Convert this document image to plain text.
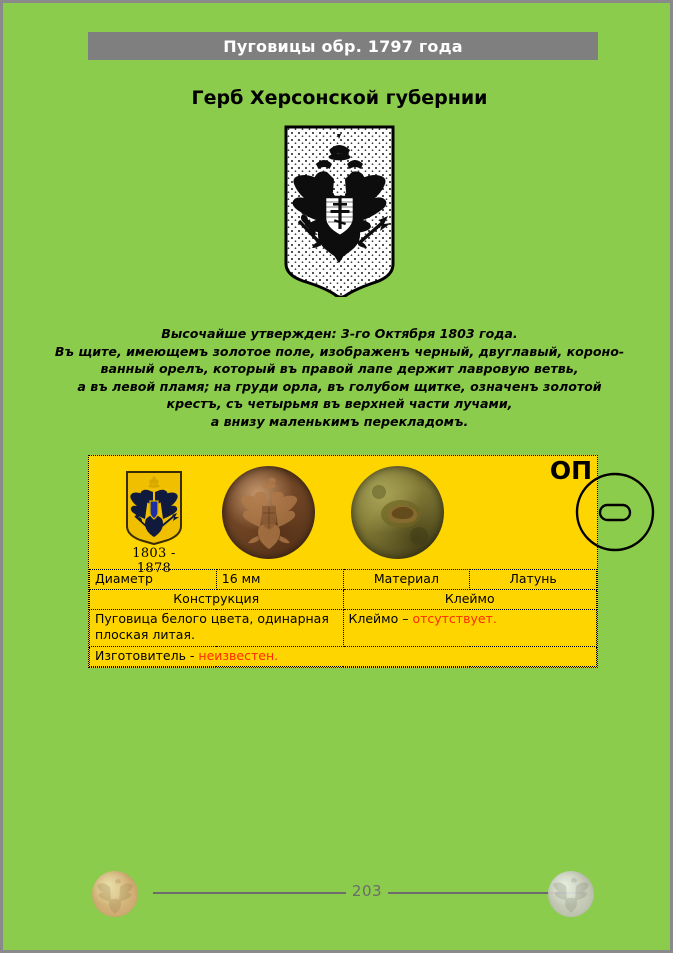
Пуговицы обр. 1797 года
Герб Херсонской губернии
Высочайше утвержден: 3-го Октября 1803 года.
Въ щите, имеющемъ золотое поле, изображенъ черный, двуглавый, короно-
ванный орелъ, который въ правой лапе держит лавровую ветвь,
а въ левой пламя; на груди орла, въ голубом щитке, означенъ золотой
крестъ, съ четырьмя въ верхней части лучами,
а внизу маленькимъ перекладомъ.
1803 - 1878
ОП
Диаметр	16 мм	Материал	Латунь
Конструкция		Клеймо	
Пуговица белого цвета, одинарная плоская литая.		Клеймо – отсутствует.	
Изготовитель - неизвестен.			
203
